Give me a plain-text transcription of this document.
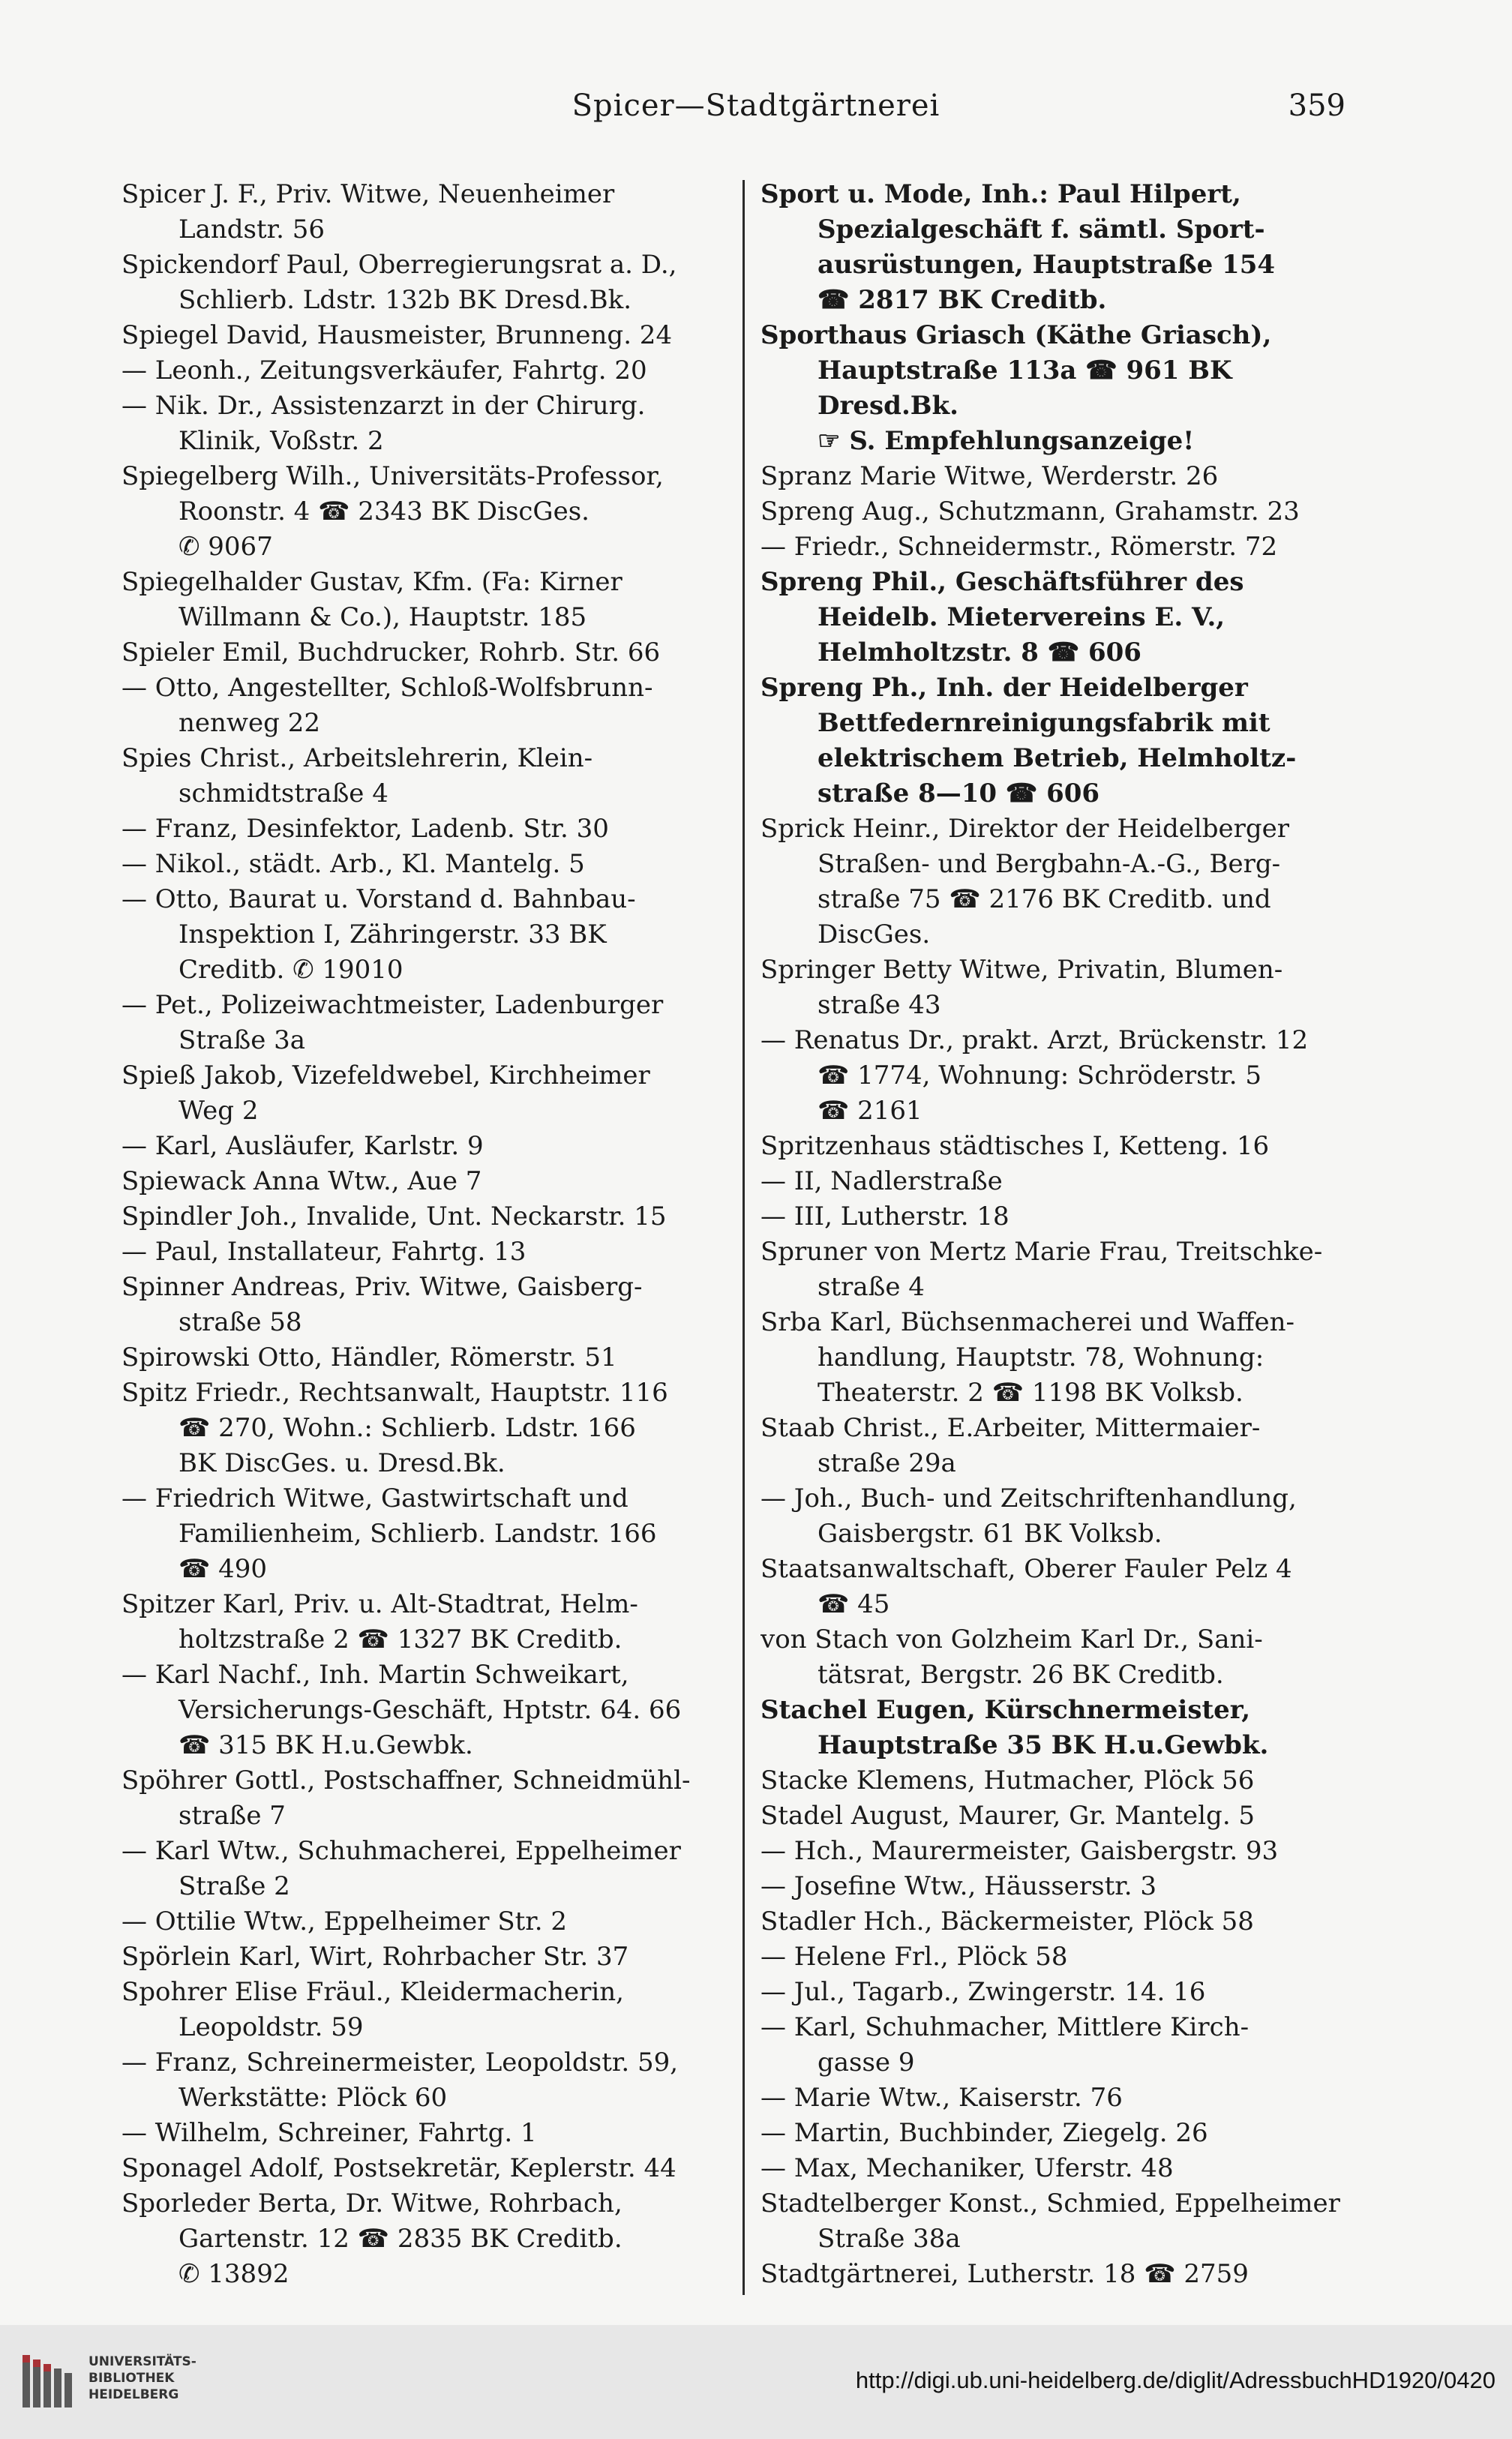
Spicer—Stadtgärtnerei	359

Spicer J. F., Priv. Witwe, Neuenheimer
Landstr. 56

Spickendorf Paul, Oberregierungsrat a. D.,
Schlierb. Ldstr. 132b BK Dresd.Bk.

Spiegel David, Hausmeister, Brunneng. 24

— Leonh., Zeitungsverkäufer, Fahrtg. 20

— Nik. Dr., Assistenzarzt in der Chirurg.
Klinik, Voßstr. 2

Spiegelberg Wilh., Universitäts-Professor,
Roonstr. 4 ☎ 2343 BK DiscGes.
✆ 9067

Spiegelhalder Gustav, Kfm. (Fa: Kirner
Willmann & Co.), Hauptstr. 185

Spieler Emil, Buchdrucker, Rohrb. Str. 66

— Otto, Angestellter, Schloß-Wolfsbrunn-
nenweg 22

Spies Christ., Arbeitslehrerin, Klein-
schmidtstraße 4

— Franz, Desinfektor, Ladenb. Str. 30

— Nikol., städt. Arb., Kl. Mantelg. 5

— Otto, Baurat u. Vorstand d. Bahnbau-
Inspektion I, Zähringerstr. 33 BK
Creditb. ✆ 19010

— Pet., Polizeiwachtmeister, Ladenburger
Straße 3a

Spieß Jakob, Vizefeldwebel, Kirchheimer
Weg 2

— Karl, Ausläufer, Karlstr. 9

Spiewack Anna Wtw., Aue 7

Spindler Joh., Invalide, Unt. Neckarstr. 15

— Paul, Installateur, Fahrtg. 13

Spinner Andreas, Priv. Witwe, Gaisberg-
straße 58

Spirowski Otto, Händler, Römerstr. 51

Spitz Friedr., Rechtsanwalt, Hauptstr. 116
☎ 270, Wohn.: Schlierb. Ldstr. 166
BK DiscGes. u. Dresd.Bk.

— Friedrich Witwe, Gastwirtschaft und
Familienheim, Schlierb. Landstr. 166
☎ 490

Spitzer Karl, Priv. u. Alt-Stadtrat, Helm-
holtzstraße 2 ☎ 1327 BK Creditb.

— Karl Nachf., Inh. Martin Schweikart,
Versicherungs-Geschäft, Hptstr. 64. 66
☎ 315 BK H.u.Gewbk.

Spöhrer Gottl., Postschaffner, Schneidmühl-
straße 7

— Karl Wtw., Schuhmacherei, Eppelheimer
Straße 2

— Ottilie Wtw., Eppelheimer Str. 2

Spörlein Karl, Wirt, Rohrbacher Str. 37

Spohrer Elise Fräul., Kleidermacherin,
Leopoldstr. 59

— Franz, Schreinermeister, Leopoldstr. 59,
Werkstätte: Plöck 60

— Wilhelm, Schreiner, Fahrtg. 1

Sponagel Adolf, Postsekretär, Keplerstr. 44

Sporleder Berta, Dr. Witwe, Rohrbach,
Gartenstr. 12 ☎ 2835 BK Creditb.
✆ 13892

Sport u. Mode, Inh.: Paul Hilpert,
Spezialgeschäft f. sämtl. Sport-
ausrüstungen, Hauptstraße 154
☎ 2817 BK Creditb.

Sporthaus Griasch (Käthe Griasch),
Hauptstraße 113a ☎ 961 BK
Dresd.Bk.
☞ S. Empfehlungsanzeige!

Spranz Marie Witwe, Werderstr. 26

Spreng Aug., Schutzmann, Grahamstr. 23

— Friedr., Schneidermstr., Römerstr. 72

Spreng Phil., Geschäftsführer des
Heidelb. Mietervereins E. V.,
Helmholtzstr. 8 ☎ 606

Spreng Ph., Inh. der Heidelberger
Bettfedernreinigungsfabrik mit
elektrischem Betrieb, Helmholtz-
straße 8—10 ☎ 606

Sprick Heinr., Direktor der Heidelberger
Straßen- und Bergbahn-A.-G., Berg-
straße 75 ☎ 2176 BK Creditb. und
DiscGes.

Springer Betty Witwe, Privatin, Blumen-
straße 43

— Renatus Dr., prakt. Arzt, Brückenstr. 12
☎ 1774, Wohnung: Schröderstr. 5
☎ 2161

Spritzenhaus städtisches I, Ketteng. 16

— II, Nadlerstraße

— III, Lutherstr. 18

Spruner von Mertz Marie Frau, Treitschke-
straße 4

Srba Karl, Büchsenmacherei und Waffen-
handlung, Hauptstr. 78, Wohnung:
Theaterstr. 2 ☎ 1198 BK Volksb.

Staab Christ., E.Arbeiter, Mittermaier-
straße 29a

— Joh., Buch- und Zeitschriftenhandlung,
Gaisbergstr. 61 BK Volksb.

Staatsanwaltschaft, Oberer Fauler Pelz 4
☎ 45

von Stach von Golzheim Karl Dr., Sani-
tätsrat, Bergstr. 26 BK Creditb.

Stachel Eugen, Kürschnermeister,
Hauptstraße 35 BK H.u.Gewbk.

Stacke Klemens, Hutmacher, Plöck 56

Stadel August, Maurer, Gr. Mantelg. 5

— Hch., Maurermeister, Gaisbergstr. 93

— Josefine Wtw., Häusserstr. 3

Stadler Hch., Bäckermeister, Plöck 58

— Helene Frl., Plöck 58

— Jul., Tagarb., Zwingerstr. 14. 16

— Karl, Schuhmacher, Mittlere Kirch-
gasse 9

— Marie Wtw., Kaiserstr. 76

— Martin, Buchbinder, Ziegelg. 26

— Max, Mechaniker, Uferstr. 48

Stadtelberger Konst., Schmied, Eppelheimer
Straße 38a

Stadtgärtnerei, Lutherstr. 18 ☎ 2759

UNIVERSITÄTS-
BIBLIOTHEK
HEIDELBERG
http://digi.ub.uni-heidelberg.de/diglit/AdressbuchHD1920/0420
